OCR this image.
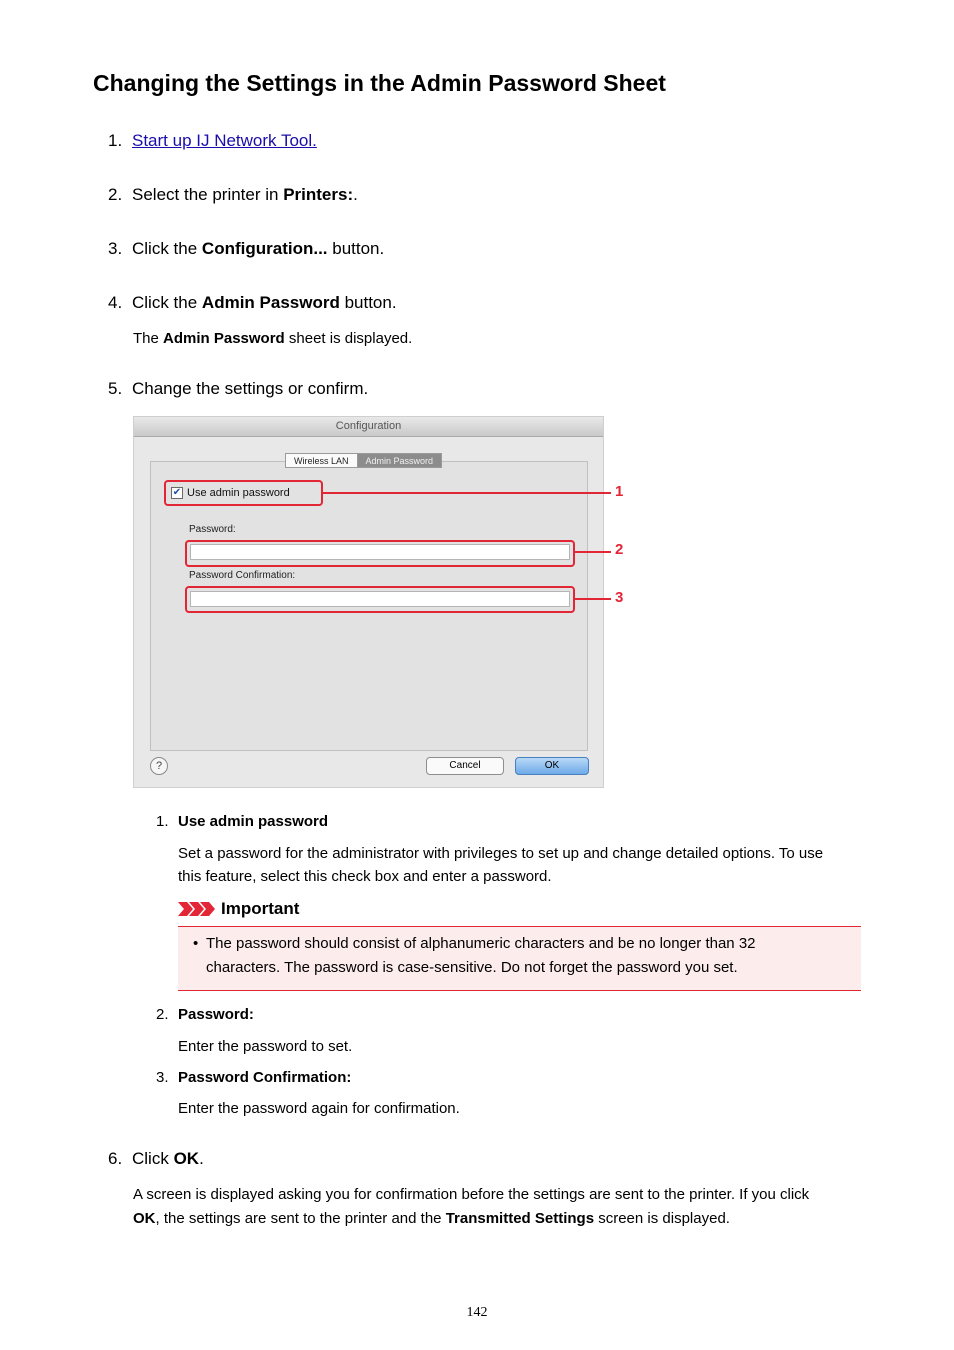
Changing the Settings in the Admin Password Sheet
1. Start up IJ Network Tool.
2. Select the printer in Printers:.
3. Click the Configuration... button.
4. Click the Admin Password button.
The Admin Password sheet is displayed.
5. Change the settings or confirm.
Configuration
Wireless LAN	Admin Password
✔ Use admin password	1
Password:
2
Password Confirmation:
3
?	Cancel	OK
1. Use admin password
Set a password for the administrator with privileges to set up and change detailed options. To use
this feature, select this check box and enter a password.
Important
• The password should consist of alphanumeric characters and be no longer than 32
characters. The password is case-sensitive. Do not forget the password you set.
2. Password:
Enter the password to set.
3. Password Confirmation:
Enter the password again for confirmation.
6. Click OK.
A screen is displayed asking you for confirmation before the settings are sent to the printer. If you click
OK, the settings are sent to the printer and the Transmitted Settings screen is displayed.
142
